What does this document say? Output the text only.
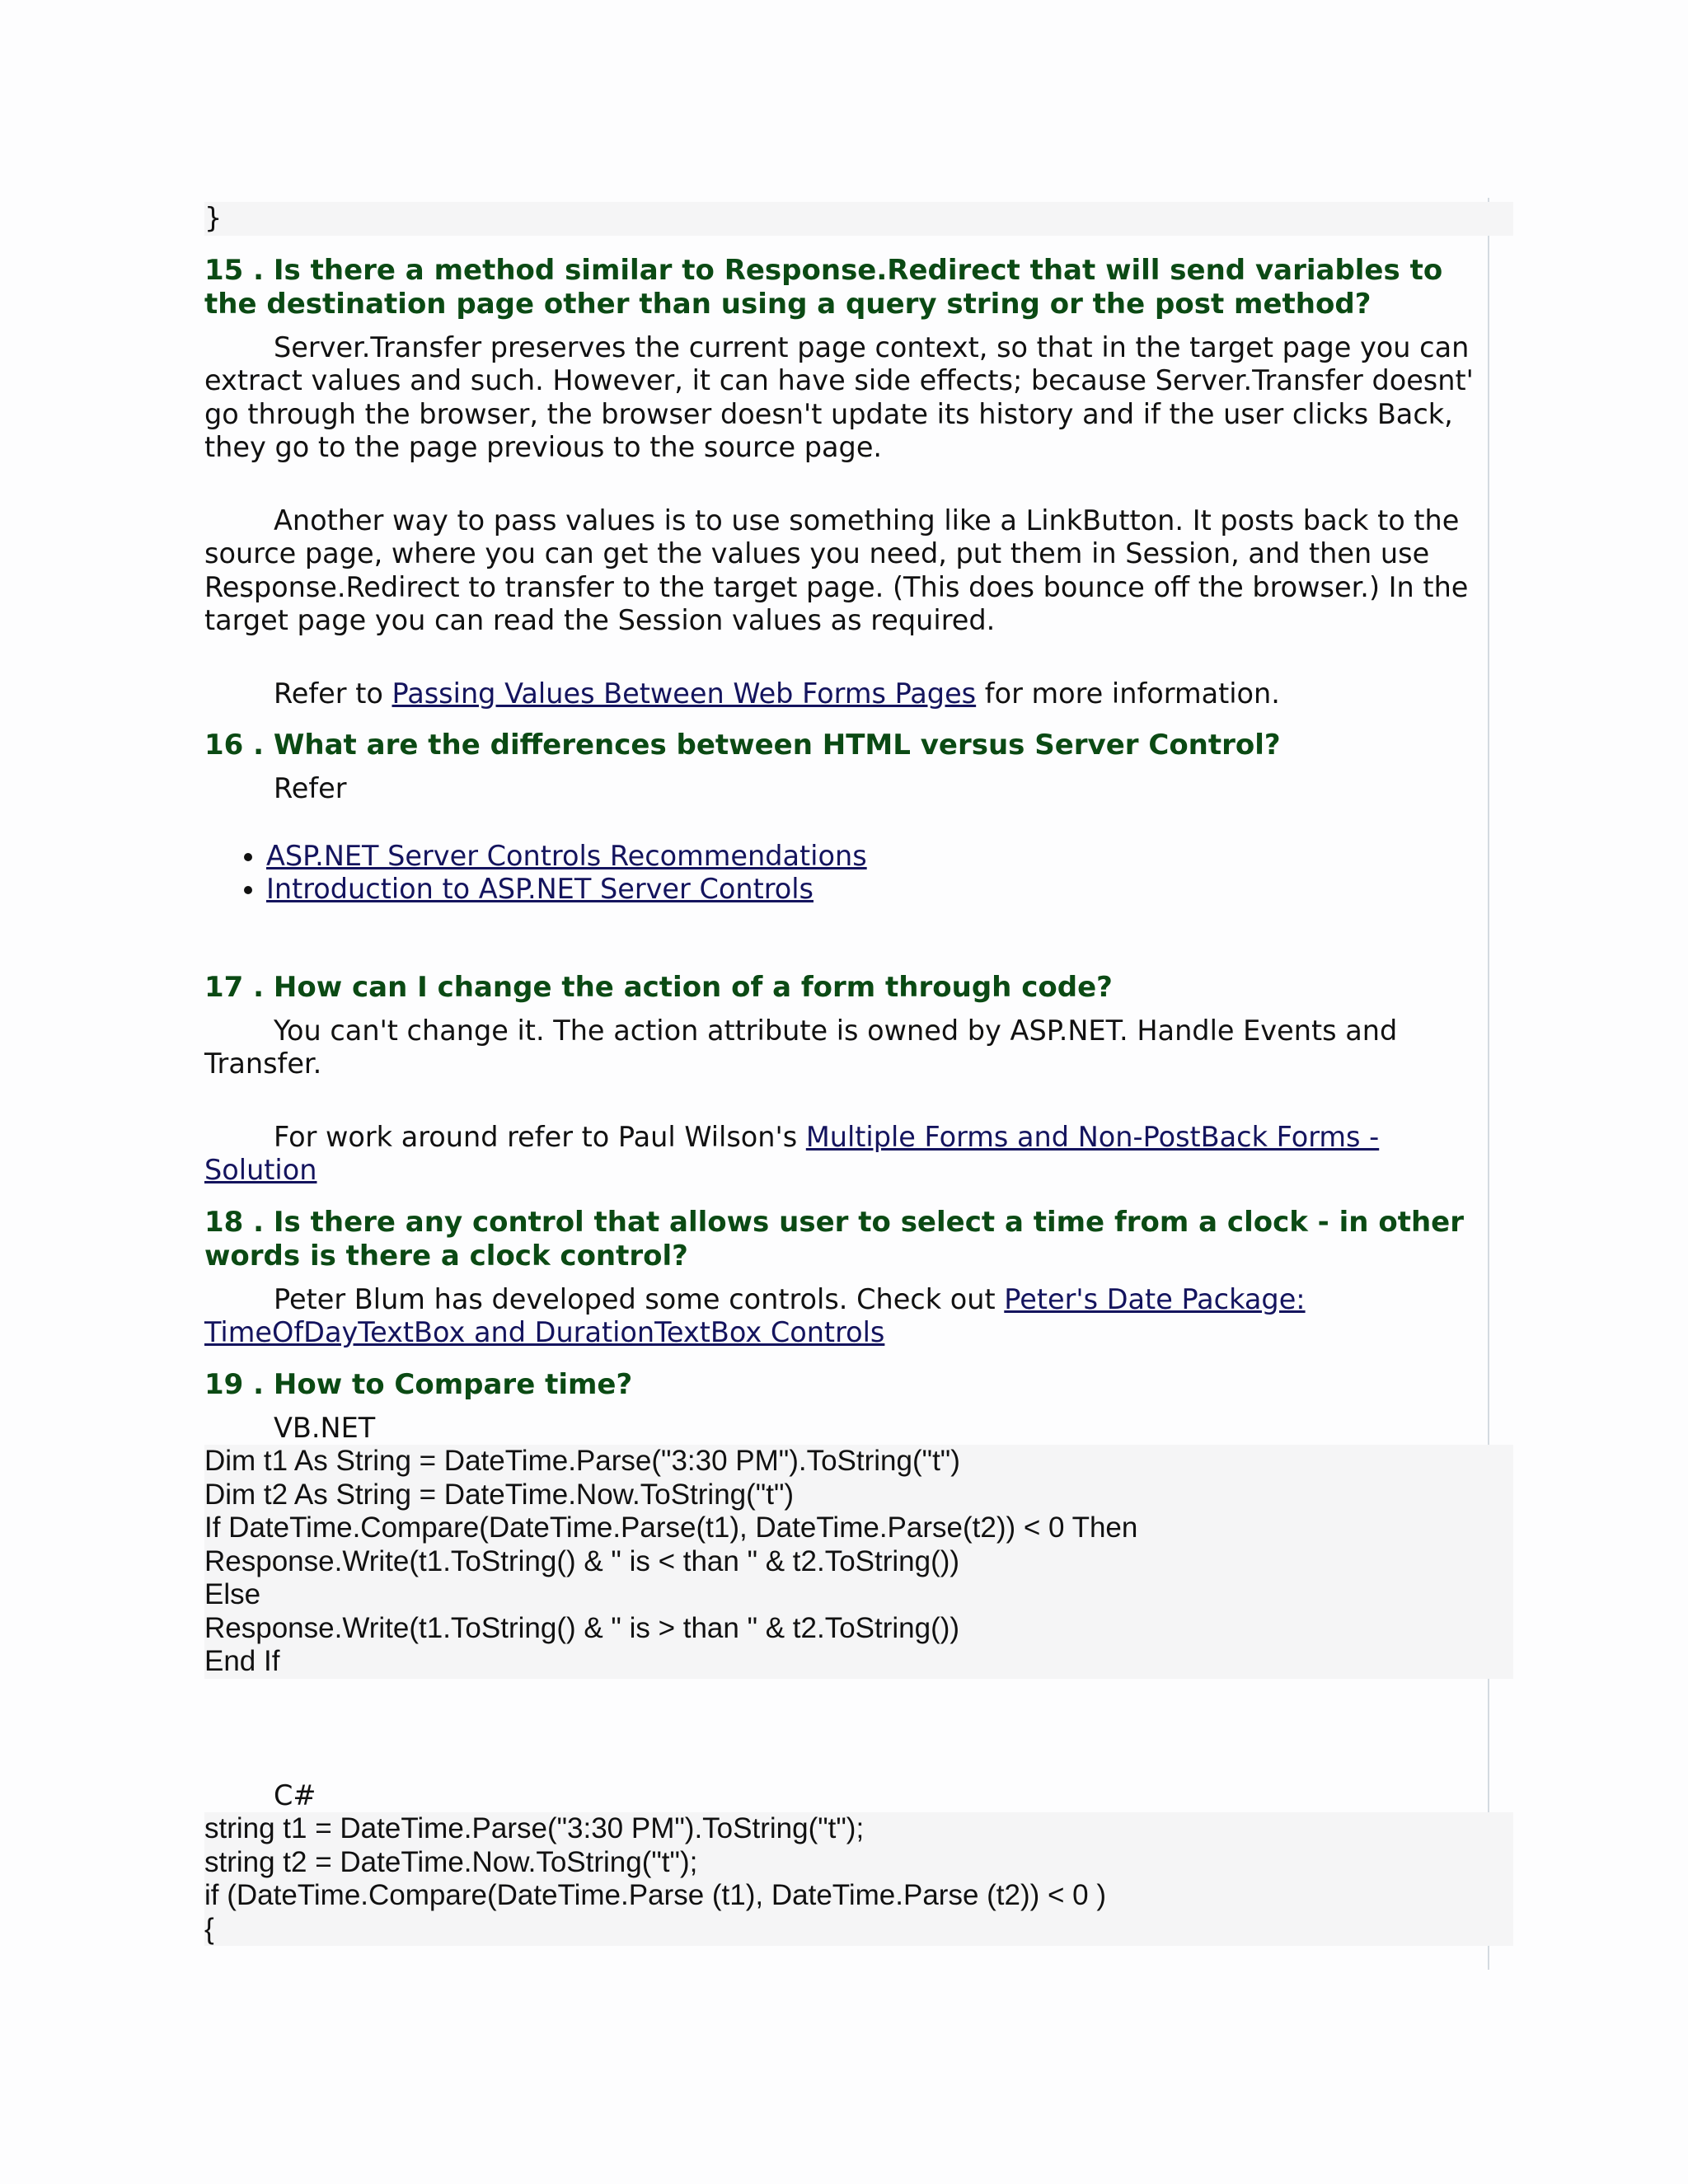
}
15 . Is there a method similar to Response.Redirect that will send variables to the destination page other than using a query string or the post method?
Server.Transfer preserves the current page context, so that in the target page you can extract values and such. However, it can have side effects; because Server.Transfer doesnt' go through the browser, the browser doesn't update its history and if the user clicks Back, they go to the page previous to the source page.
Another way to pass values is to use something like a LinkButton. It posts back to the source page, where you can get the values you need, put them in Session, and then use Response.Redirect to transfer to the target page. (This does bounce off the browser.) In the target page you can read the Session values as required.
Refer to Passing Values Between Web Forms Pages for more information.
16 . What are the differences between HTML versus Server Control?
Refer
• ASP.NET Server Controls Recommendations
• Introduction to ASP.NET Server Controls
17 . How can I change the action of a form through code?
You can't change it. The action attribute is owned by ASP.NET. Handle Events and Transfer.
For work around refer to Paul Wilson's Multiple Forms and Non-PostBack Forms - Solution
18 . Is there any control that allows user to select a time from a clock - in other words is there a clock control?
Peter Blum has developed some controls. Check out Peter's Date Package: TimeOfDayTextBox and DurationTextBox Controls
19 . How to Compare time?
VB.NET
Dim t1 As String = DateTime.Parse("3:30 PM").ToString("t")
Dim t2 As String = DateTime.Now.ToString("t")
If DateTime.Compare(DateTime.Parse(t1), DateTime.Parse(t2)) < 0 Then
Response.Write(t1.ToString() & " is < than " & t2.ToString())
Else
Response.Write(t1.ToString() & " is > than " & t2.ToString())
End If
C#
string t1 = DateTime.Parse("3:30 PM").ToString("t");
string t2 = DateTime.Now.ToString("t");
if (DateTime.Compare(DateTime.Parse (t1), DateTime.Parse (t2)) < 0 )
{
